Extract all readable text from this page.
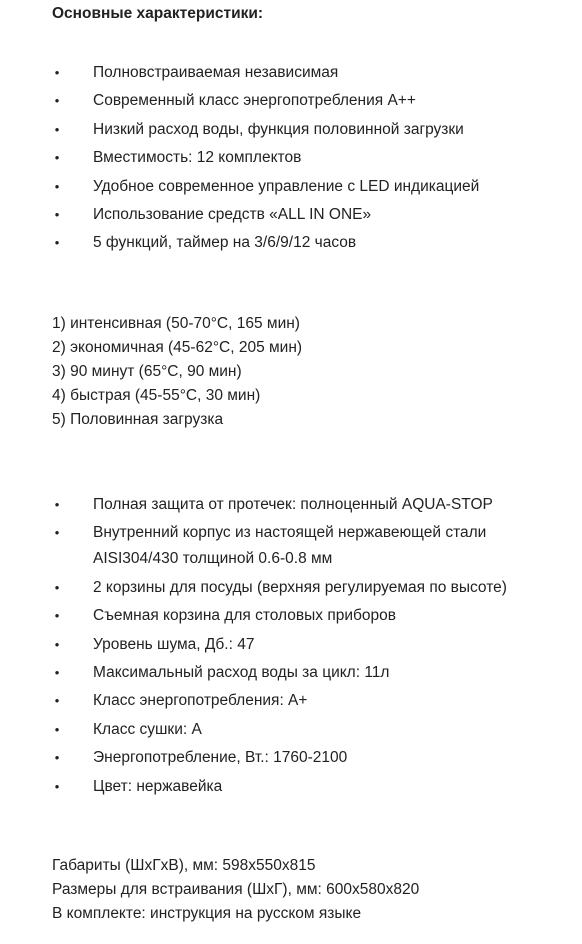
Основные характеристики:
• Полновстраиваемая независимая
• Современный класс энергопотребления А++
• Низкий расход воды, функция половинной загрузки
• Вместимость: 12 комплектов
• Удобное современное управление с LED индикацией
• Использование средств «ALL IN ONE»
• 5 функций, таймер на 3/6/9/12 часов
1) интенсивная (50-70°С, 165 мин)
2) экономичная (45-62°С, 205 мин)
3) 90 минут (65°С, 90 мин)
4) быстрая (45-55°С, 30 мин)
5) Половинная загрузка
• Полная защита от протечек: полноценный AQUA-STOP
• Внутренний корпус из настоящей нержавеющей стали AISI304/430 толщиной 0.6-0.8 мм
• 2 корзины для посуды (верхняя регулируемая по высоте)
• Съемная корзина для столовых приборов
• Уровень шума, Дб.: 47
• Максимальный расход воды за цикл: 11л
• Класс энергопотребления: А+
• Класс сушки: А
• Энергопотребление, Вт.: 1760-2100
• Цвет: нержавейка
Габариты (ШхГхВ), мм: 598x550x815
Размеры для встраивания (ШхГ), мм: 600x580x820
В комплекте: инструкция на русском языке
